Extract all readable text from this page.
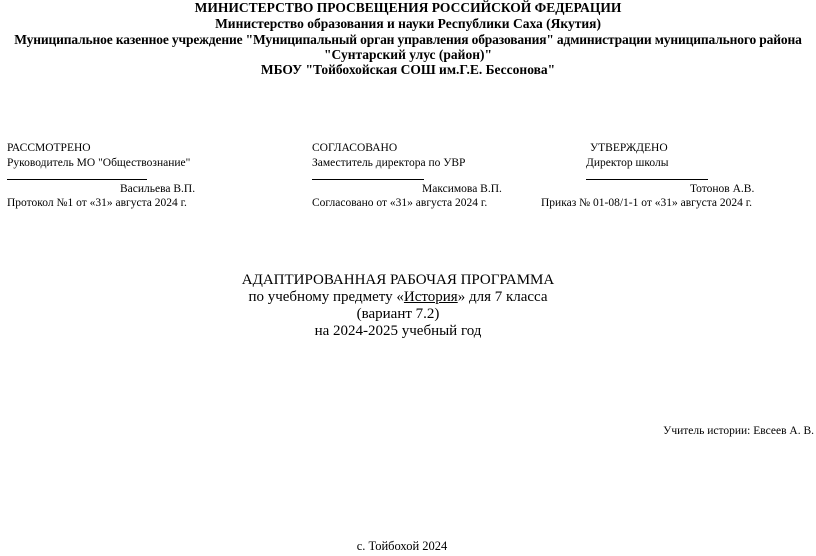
МИНИСТЕРСТВО ПРОСВЕЩЕНИЯ РОССИЙСКОЙ ФЕДЕРАЦИИ
Министерство образования и науки Республики Саха (Якутия)
Муниципальное казенное учреждение "Муниципальный орган управления образования" администрации муниципального района
"Сунтарский улус (район)"
МБОУ "Тойбохойская СОШ им.Г.Е. Бессонова"
РАССМОТРЕНО
Руководитель МО "Обществознание"
Васильева В.П.
Протокол №1 от «31» августа 2024 г.
СОГЛАСОВАНО
Заместитель директора по УВР
Максимова В.П.
Согласовано от «31» августа 2024 г.
УТВЕРЖДЕНО
Директор школы
Тотонов А.В.
Приказ № 01-08/1-1 от «31» августа 2024 г.
АДАПТИРОВАННАЯ РАБОЧАЯ ПРОГРАММА
по учебному предмету «История» для 7 класса
(вариант 7.2)
на 2024-2025 учебный год
Учитель истории: Евсеев А. В.
с. Тойбохой 2024
